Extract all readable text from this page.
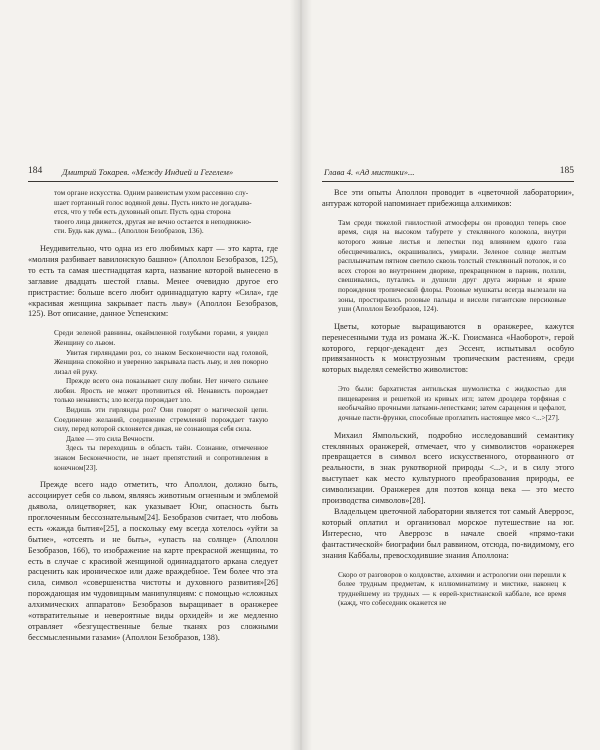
184 Дмитрий Токарев. «Между Индией и Гегелем»

том органе искусства. Одним развеистым ухом рассеянно слу-

шает гортанный голос водяной девы. Пусть никто не догадыва-

ется, что у тебя есть духовный опыт. Пусть одна сторона

твоего лица движется, другая же вечно остается в неподвижно-

сти. Будь как дума... (Аполлон Безобразов, 136).

Неудивительно, что одна из его любимых карт — это карта, где «молния разбивает вавилонскую башню» (Аполлон Безобразов, 125), то есть та самая шестнадцатая карта, название которой вынесено в заглавие двадцать шестой главы. Менее очевидно другое его пристрастие: больше всего любит одиннадцатую карту «Сила», где «красивая женщина закрывает пасть льву» (Аполлон Безобразов, 125). Вот описание, данное Успенским:

Среди зеленой равнины, окаймленной голубыми горами, я увидел Женщину со львом.

Увитая гирляндами роз, со знаком Бесконечности над головой, Женщина спокойно и уверенно закрывала пасть льву, и лев покорно лизал ей руку.

Прежде всего она показывает силу любви. Нет ничего сильнее любви. Ярость не может противиться ей. Ненависть порождает только ненависть; зло всегда порождает зло.

Видишь эти гирлянды роз? Они говорят о магической цепи. Соединение желаний, соединение стремлений порождает такую силу, перед которой склоняется дикая, не сознающая себя сила.

Далее — это сила Вечности.

Здесь ты переходишь в область тайн. Сознание, отмеченное знаком Бесконечности, не знает препятствий и сопротивления в конечном[23].

Прежде всего надо отметить, что Аполлон, должно быть, ассоциирует себя со львом, являясь животным огненным и эмблемой дьявола, олицетворяет, как указывает Юнг, опасность быть проглоченным бессознательным[24]. Безобразов считает, что любовь есть «жажда бытия»[25], а поскольку ему всегда хотелось «уйти за бытие», «отсеять и не быть», «упасть на солнце» (Аполлон Безобразов, 166), то изображение на карте прекрасной женщины, то есть в случае с красивой женщиной одиннадцатого аркана следует расценить как ироническое или даже враждебное. Тем более что эта сила, символ «совершенства чистоты и духовного развития»[26] порождающая им чудовищным манипуляциям: с помощью «сложных алхимических аппаратов» Безобразов выращивает в оранжерее «отвратительные и невероятные виды орхидей» и же медленно отравляет «безгущественные белые тканях роз сложными бессмысленными газами» (Аполлон Безобразов, 138).

Глава 4. «Ад мистики»...	185

Все эти опыты Аполлон проводит в «цветочной лаборатории», антураж которой напоминает прибежища алхимиков:

Там среди тяжелой гнилостной атмосферы он проводил теперь свое время, сидя на высоком табурете у стеклянного колокола, внутри которого живые листья и лепестки под влиянием едкого газа обесцвечивались, окрашивались, умирали. Зеленое солнце желтым расплывчатым пятном светило сквозь толстый стеклянный потолок, и со всех сторон во внутреннем дворике, прекращенном в парник, ползли, свешивались, путались и душили друг друга жирные и яркие порождения тропической флоры. Розовые мушкаты всегда вылезали на зоны, простирались розовые пальцы и висели гигантские персиковые уши (Аполлон Безобразов, 124).

Цветы, которые выращиваются в оранжерее, кажутся перенесенными туда из романа Ж.-К. Гюисманса «Наоборот», герой которого, герцог-декадент дез Эссент, испытывал особую привязанность к монструозным тропическим растениям, среди которых выделял семейство живолистов:

Это были: бархатистая антильская шумолистка с жидкостью для пищеварения и решеткой из кривых игл; затем дроздера торфяная с необычайно прочными латками-лепестками; затем сарацения и цефалот, дочные пасти-фрунки, способные проглатить настоящее мясо <...>[27].

Михаил Ямпольский, подробно исследовавший семантику стеклянных оранжерей, отмечает, что у символистов «оранжерея превращается в символ всего искусственного, оторванного от реальности, в знак рукотворной природы <...>, и в силу этого выступает как место культурного преобразования природы, ее символизации. Оранжерея для поэтов конца века — это место производства символов»[28].

Владельцем цветочной лаборатории является тот самый Аверроэс, который оплатил и организовал морское путешествие на юг. Интересно, что Аверроэс в начале своей «прямо-таки фантастической» биографии был раввином, отсюда, по-видимому, его знания Каббалы, превосходившие знания Аполлона:

Скоро от разговоров о колдовстве, алхимии и астрологии они перешли к более трудным предметам, к иллюминатизму и мистике, наконец к труднейшему из трудных — к еврей-христианской каббале, все время (кажд, что собеседник окажется не
